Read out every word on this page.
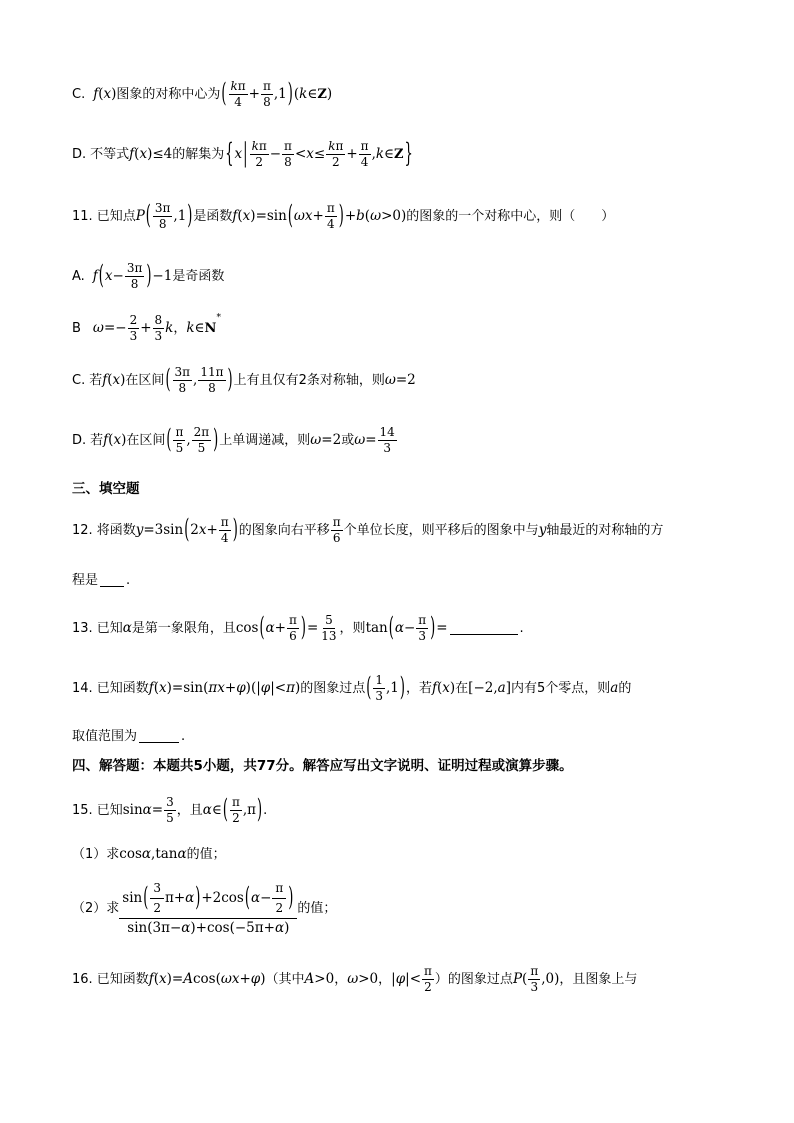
C. f ( x ) 图象的对称中心为 ( $\frac{k\pi}{4} + \frac{\pi}{8} ,1$ ) ( k ∈ Z )
D. 不等式 f ( x )≤4 的解集为 { x | $\frac{k\pi}{2} - \frac{\pi}{8} < x \le \frac{k\pi}{2} + \frac{\pi}{4}$ , k ∈ Z }
11. 已知点 P ( $\frac{3\pi}{8} ,1$ ) 是函数 f ( x )=sin ( $\omega x + \frac{\pi}{4}$ ) + b ( ω >0) 的图象的一个对称中心，则（　　）
A. f ( $x - \frac{3\pi}{8}$ ) −1 是奇函数
B $\omega =- \frac{2}{3} + \frac{8}{3}$ k ， k ∈ N
*
C. 若 f ( x ) 在区间 ( $\frac{3\pi}{8}$ , $\frac{11\pi}{8}$ ) 上有且仅有2条对称轴，则 ω =2
D. 若 f ( x ) 在区间 ( $\frac{\pi}{5}$ , $\frac{2\pi}{5}$ ) 上单调递减，则 ω =2 或 $\omega = \frac{14}{3}$
三、填空题
12. 将函数 y =3sin ( 2 $x + \frac{\pi}{4}$ ) 的图象向右平移 $\frac{\pi}{6}$ 个单位长度，则平移后的图象中与 y 轴最近的对称轴的方
程是 .
13. 已知 α 是第一象限角，且 cos ( $\alpha + \frac{\pi}{6}$ ) = $\frac{5}{13}$ ，则 tan ( $\alpha - \frac{\pi}{3}$ ) =	.
14. 已知函数 f ( x )=sin( πx + φ )(| φ |< π ) 的图象过点 ( $\frac{1}{3} ,1$ ) ，若 f ( x ) 在 [−2, a ] 内有5个零点，则 a 的
取值范围为	.
四、解答题：本题共5小题，共77分。解答应写出文字说明、证明过程或演算步骤。
15. 已知 $\sin \alpha = \frac{3}{5}$ ，且 α ∈ ( $\frac{\pi}{2} ,\pi$ ) .
（1）求 cos α ,tan α 的值；
（2）求
sin ( $\frac{3}{2} \pi+ \alpha$ ) +2cos ( $\alpha - \frac{\pi}{2}$ )
sin(3π− α )+cos(−5π+ α )
的值；
16. 已知函数 f ( x )= A cos( ωx + φ ) （其中 A >0 ， ω >0 ， | φ |< $\frac{\pi}{2}$ ）的图象过点 P ( $\frac{\pi}{3} ,0$) ，且图象上与
